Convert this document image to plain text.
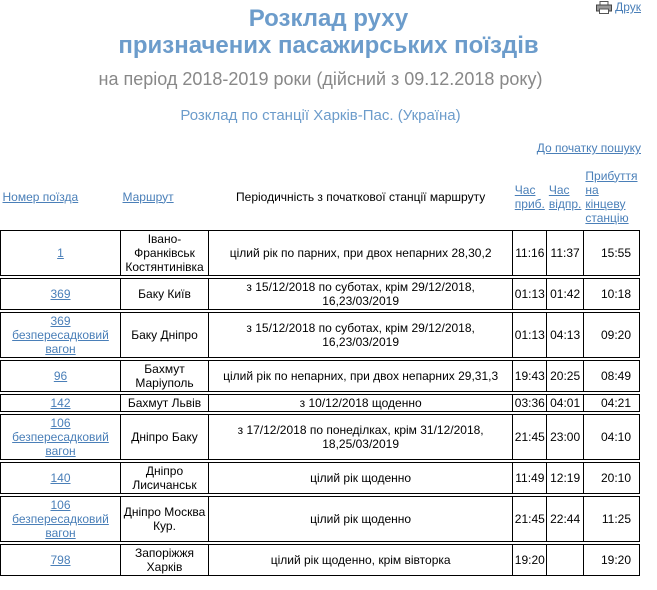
Друк
Розклад руху
призначених пасажирських поїздів
на період 2018-2019 роки (дійсний з 09.12.2018 року)
Розклад по станції Харків-Пас. (Україна)
До початку пошуку
Номер поїзда	Маршрут	Періодичність з початкової станції маршруту	Час приб.	Час відпр.	Прибуття на кінцеву станцію

1	Івано-Франківськ Костянтинівка	цілий рік по парних, при двох непарних 28,30,2	11:16	11:37	15:55

369	Баку Київ	з 15/12/2018 по суботах, крім 29/12/2018, 16,23/03/2019	01:13	01:42	10:18

369 безпересадковий вагон	Баку Дніпро	з 15/12/2018 по суботах, крім 29/12/2018, 16,23/03/2019	01:13	04:13	09:20

96	Бахмут Маріуполь	цілий рік по непарних, при двох непарних 29,31,3	19:43	20:25	08:49

142	Бахмут Львів	з 10/12/2018 щоденно	03:36	04:01	04:21

106 безпересадковий вагон	Дніпро Баку	з 17/12/2018 по понеділках, крім 31/12/2018, 18,25/03/2019	21:45	23:00	04:10

140	Дніпро Лисичанськ	цілий рік щоденно	11:49	12:19	20:10

106 безпересадковий вагон	Дніпро Москва Кур.	цілий рік щоденно	21:45	22:44	11:25

798	Запоріжжя Харків	цілий рік щоденно, крім вівторка	19:20		19:20
